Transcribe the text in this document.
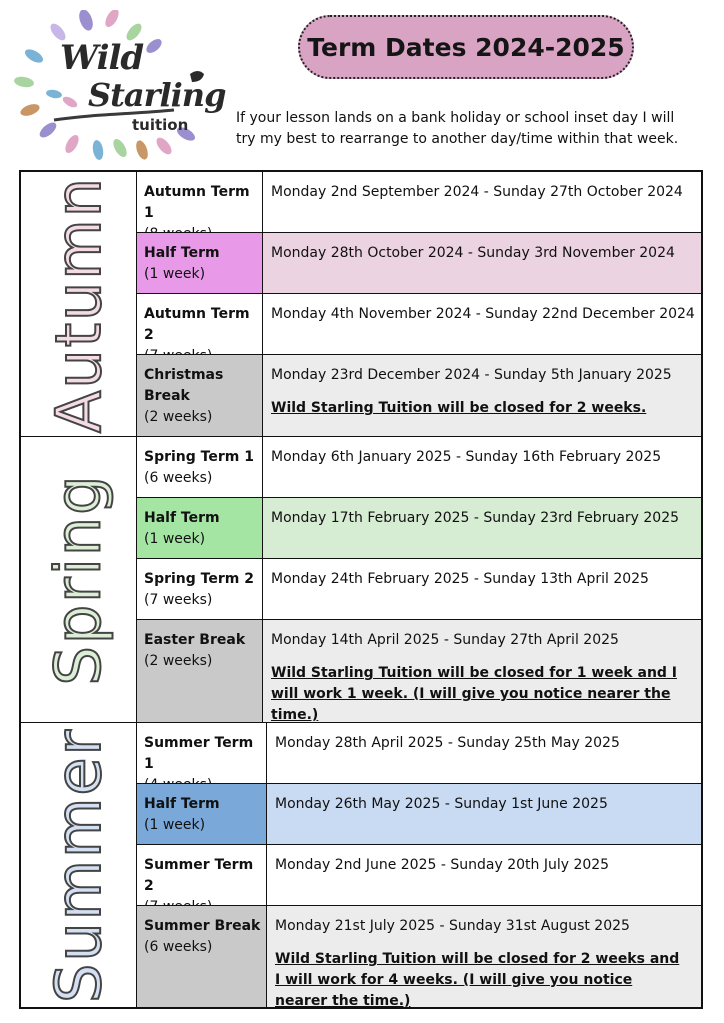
Wild
Starling
tuition
Term Dates 2024-2025
If your lesson lands on a bank holiday or school inset day I will try my best to rearrange to another day/time within that week.
Autumn Autumn Term 1
Monday 2nd September 2024 - Sunday 27th October 2024
Half Term
(1 week)
Monday 28th October 2024 - Sunday 3rd November 2024
Autumn Term 2
Monday 4th November 2024 - Sunday 22nd December 2024
Christmas Break
(2 weeks)
Monday 23rd December 2024 - Sunday 5th January 2025
Wild Starling Tuition will be closed for 2 weeks.
Spring
Spring Term 1
(6 weeks)
Monday 6th January 2025 - Sunday 16th February 2025
Half Term
(1 week)
Monday 17th February 2025 - Sunday 23rd February 2025
Spring Term 2
(7 weeks)
Monday 24th February 2025 - Sunday 13th April 2025
Easter Break
(2 weeks)
Monday 14th April 2025 - Sunday 27th April 2025
Wild Starling Tuition will be closed for 1 week and I will work 1 week. (I will give you notice nearer the time.)
Summer Summer Term 1
Monday 28th April 2025 - Sunday 25th May 2025
Half Term
(1 week)
Monday 26th May 2025 - Sunday 1st June 2025
Summer Term 2
Monday 2nd June 2025 - Sunday 20th July 2025
Summer Break
(6 weeks)
Monday 21st July 2025 - Sunday 31st August 2025
Wild Starling Tuition will be closed for 2 weeks and I will work for 4 weeks. (I will give you notice nearer the time.)
